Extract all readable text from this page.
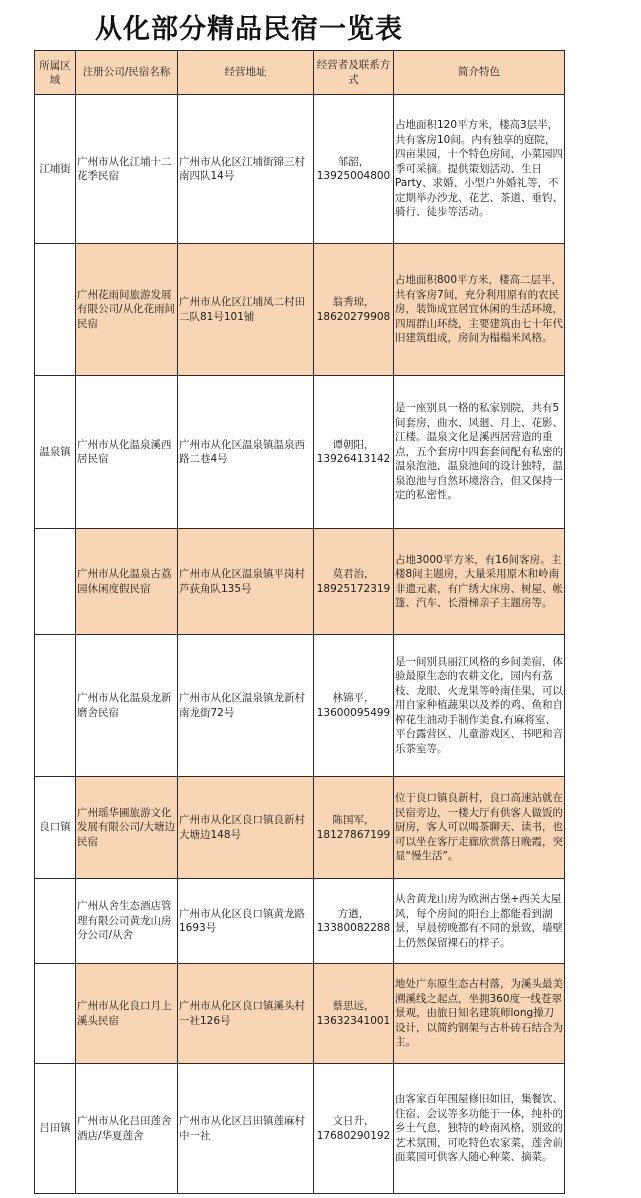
从化部分精品民宿一览表
所属区域	注册公司/民宿名称	经营地址	经营者及联系方式	简介特色
江埔街	广州市从化江埔十二花季民宿	广州市从化区江埔街锦三村南四队14号	邹韶，13925004800	占地面积120平方米，楼高3层半，共有客房10间。内有独享的庭院，四亩果园，十个特色房间，小菜园四季可采摘。提供策划活动、生日Party、求婚、小型户外婚礼等，不定期举办沙龙、花艺、茶道、垂钓、骑行、徒步等活动。
	广州花雨间旅游发展有限公司/从化花雨间民宿	广州市从化区江埔凤二村田二队81号101铺	翁秀琼，18620279908	占地面积800平方米，楼高二层半，共有客房7间，充分利用原有的农民房，装饰成宜居宜休闲的生活环境，四周群山环绕，主要建筑由七十年代旧建筑组成，房间为榻榻米风格。
温泉镇	广州市从化温泉溪西居民宿	广州市从化区温泉镇温泉西路二巷4号	谭朝阳，13926413142	是一座别具一格的私家别院，共有5间套房，曲水、风廻、月上、花影、江楼。温泉文化是溪西居营造的重点，五个套房中四套套间配有私密的温泉泡池，温泉池间的设计独特，温泉泡池与自然环境溶合，但又保持一定的私密性。
	广州市从化温泉古荔园休闲度假民宿	广州市从化区温泉镇平岗村芦荻角队135号	莫君治，18925172319	占地3000平方米，有16间客房。主楼8间主题房，大量采用原木和岭南非遗元素，有广绣大床房、树屋、帐篷、汽车、长滑梯亲子主题房等。
	广州市从化温泉龙新磨舍民宿	广州市从化区温泉镇龙新村南龙街72号	林锦平，13600095499	是一间别具丽江风格的乡间美宿，体验最原生态的农耕文化，园内有荔枝、龙眼、火龙果等岭南佳果，可以用自家种植蔬果以及养的鸡、鱼和自榨花生油动手制作美食,有麻将室、平台露营区、儿童游戏区、书吧和音乐茶室等。
良口镇	广州瑶华圃旅游文化发展有限公司/大塘边民宿	广州市从化区良口镇良新村大塘边148号	陈国军，18127867199	位于良口镇良新村，良口高速站就在民宿旁边，一楼大厅有供客人做饭的厨房，客人可以喝茶聊天、读书，也可以坐在客厅走廊欣赏落日晚霞，突显“慢生活”。
	广州从舍生态酒店管理有限公司黄龙山房分公司/从舍	广州市从化区良口镇黄龙路1693号	方遒，13380082288	从舍黄龙山房为欧洲古堡+西关大屋风，每个房间的阳台上都能看到湖景，早晨傍晚都有不同的景致，墙壁上仍然保留裸石的样子。
	广州市从化良口月上溪头民宿	广州市从化区良口镇溪头村一社126号	蔡思远，13632341001	地处广东原生态古村落，为溪头最美溯溪线之起点，坐拥360度一线苍翠景观，由旅日知名建筑师long操刀设计，以简约钢架与古朴砖石结合为主。
吕田镇	广州市从化吕田莲舍酒店/华夏莲舍	广州市从化区吕田镇莲麻村中一社	文日升，17680290192	由客家百年围屋修旧如旧，集餐饮、住宿、会议等多功能于一体，纯朴的乡土气息，独特的岭南风格，别致的艺术氛围，可吃特色农家菜，莲舍前面菜园可供客人随心种菜、摘菜。
